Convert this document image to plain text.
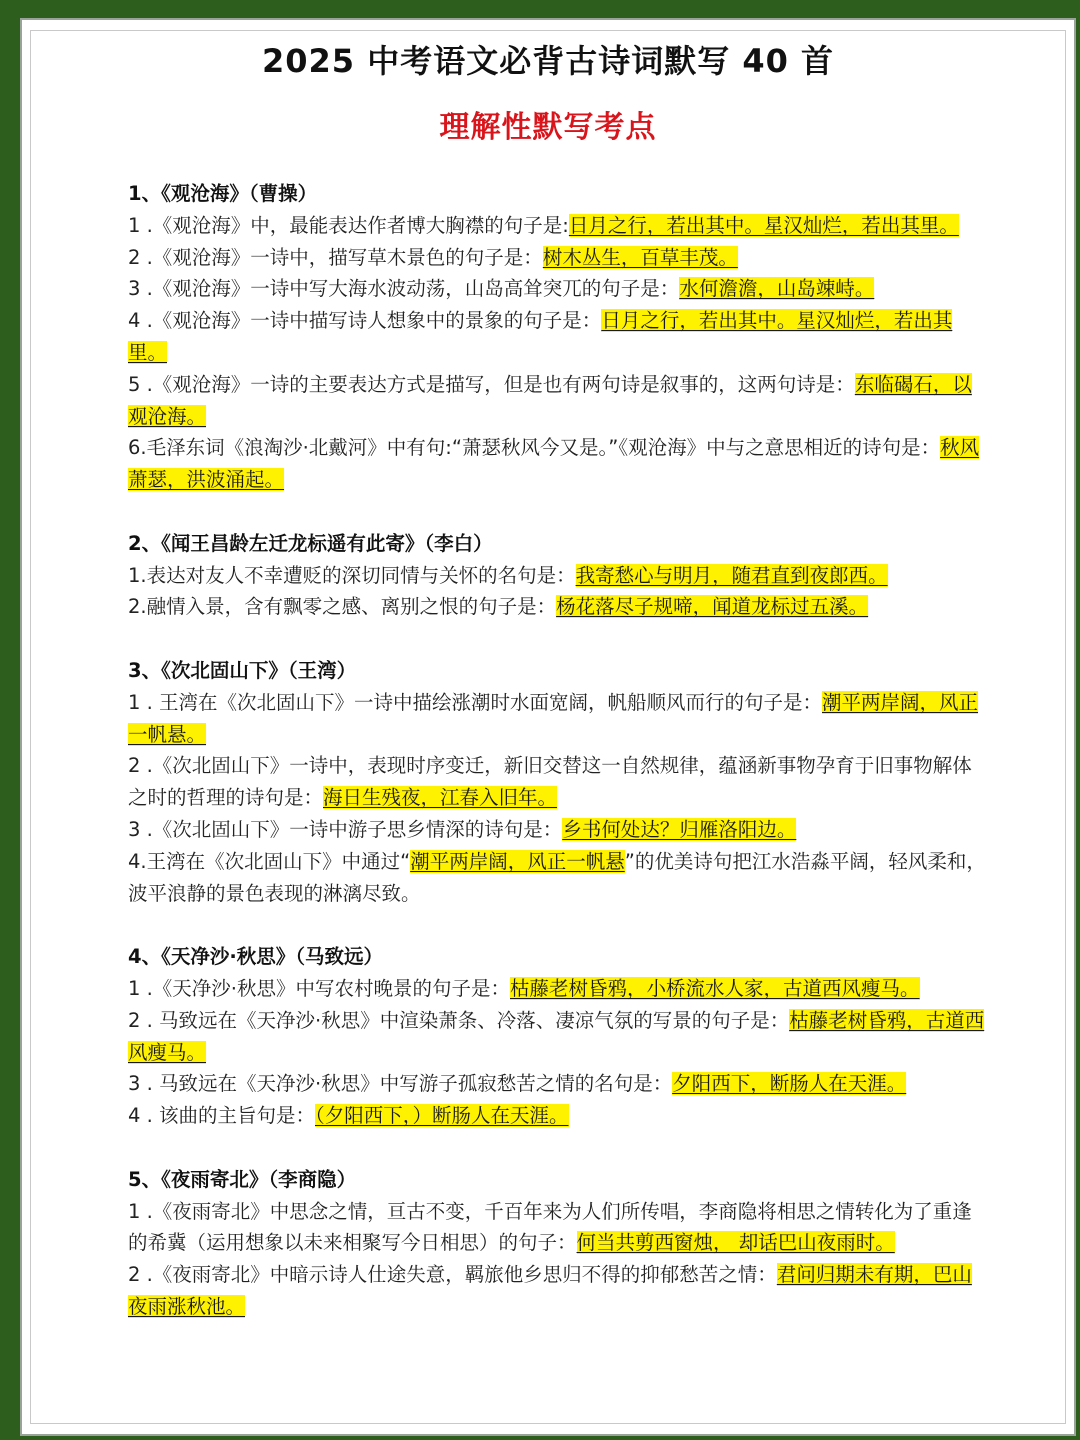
2025 中考语文必背古诗词默写 40 首
理解性默写考点
1、《观沧海》（曹操）
1 .《观沧海》中，最能表达作者博大胸襟的句子是:日月之行，若出其中。星汉灿烂，若出其里。
2 .《观沧海》一诗中，描写草木景色的句子是：树木丛生，百草丰茂。
3 .《观沧海》一诗中写大海水波动荡，山岛高耸突兀的句子是：水何澹澹，山岛竦峙。
4 .《观沧海》一诗中描写诗人想象中的景象的句子是：日月之行，若出其中。星汉灿烂，若出其里。
5 .《观沧海》一诗的主要表达方式是描写，但是也有两句诗是叙事的，这两句诗是：东临碣石，以观沧海。
6.毛泽东词《浪淘沙·北戴河》中有句:“萧瑟秋风今又是。”《观沧海》中与之意思相近的诗句是：秋风萧瑟，洪波涌起。
2、《闻王昌龄左迁龙标遥有此寄》（李白）
1.表达对友人不幸遭贬的深切同情与关怀的名句是：我寄愁心与明月，随君直到夜郎西。
2.融情入景，含有飘零之感、离别之恨的句子是：杨花落尽子规啼，闻道龙标过五溪。
3、《次北固山下》（王湾）
1 . 王湾在《次北固山下》一诗中描绘涨潮时水面宽阔，帆船顺风而行的句子是：潮平两岸阔，风正一帆悬。
2 .《次北固山下》一诗中，表现时序变迁，新旧交替这一自然规律，蕴涵新事物孕育于旧事物解体之时的哲理的诗句是：海日生残夜，江春入旧年。
3 .《次北固山下》一诗中游子思乡情深的诗句是：乡书何处达？归雁洛阳边。
4.王湾在《次北固山下》中通过“潮平两岸阔，风正一帆悬”的优美诗句把江水浩淼平阔，轻风柔和，波平浪静的景色表现的淋漓尽致。
4、《天净沙·秋思》（马致远）
1 .《天净沙·秋思》中写农村晚景的句子是：枯藤老树昏鸦，小桥流水人家，古道西风瘦马。
2 . 马致远在《天净沙·秋思》中渲染萧条、冷落、凄凉气氛的写景的句子是：枯藤老树昏鸦，古道西风瘦马。
3 . 马致远在《天净沙·秋思》中写游子孤寂愁苦之情的名句是：夕阳西下，断肠人在天涯。
4 . 该曲的主旨句是：（夕阳西下，）断肠人在天涯。
5、《夜雨寄北》（李商隐）
1 .《夜雨寄北》中思念之情，亘古不变，千百年来为人们所传唱，李商隐将相思之情转化为了重逢的希冀（运用想象以未来相聚写今日相思）的句子：何当共剪西窗烛， 却话巴山夜雨时。
2 .《夜雨寄北》中暗示诗人仕途失意，羁旅他乡思归不得的抑郁愁苦之情：君问归期未有期，巴山夜雨涨秋池。
